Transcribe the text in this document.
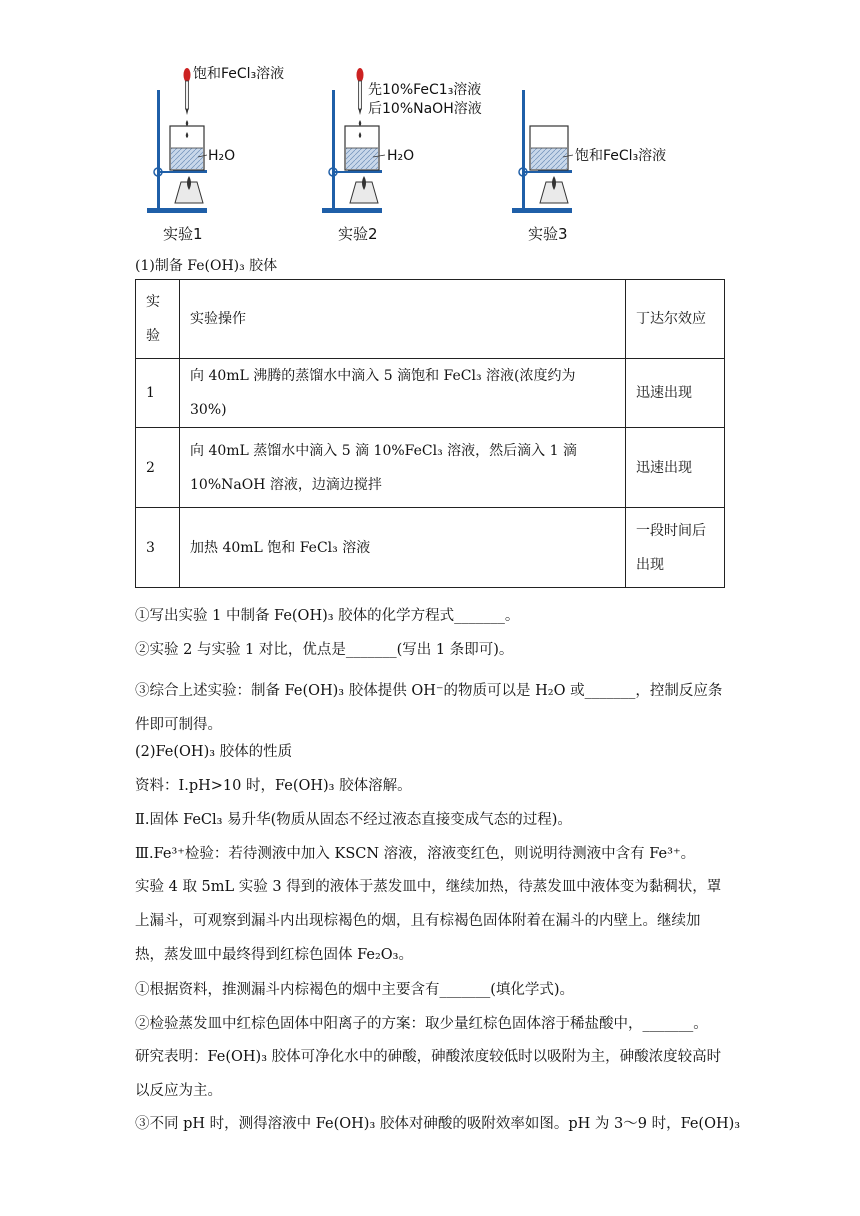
饱和FeCl₃溶液
H₂O
先10%FeC1₃溶液
后10%NaOH溶液
H₂O	饱和FeCl₃溶液
实验1	实验2	实验3
(1)制备 Fe(OH)₃ 胶体
实验	实验操作	丁达尔效应
1	向 40mL 沸腾的蒸馏水中滴入 5 滴饱和 FeCl₃ 溶液(浓度约为 30%)	迅速出现
2	向 40mL 蒸馏水中滴入 5 滴 10%FeCl₃ 溶液，然后滴入 1 滴 10%NaOH 溶液，边滴边搅拌	迅速出现
3	加热 40mL 饱和 FeCl₃ 溶液	一段时间后出现
①写出实验 1 中制备 Fe(OH)₃ 胶体的化学方程式_______。
②实验 2 与实验 1 对比，优点是_______(写出 1 条即可)。
③综合上述实验：制备 Fe(OH)₃ 胶体提供 OH⁻的物质可以是 H₂O 或_______，控制反应条件即可制得。
(2)Fe(OH)₃ 胶体的性质
资料：Ⅰ.pH>10 时，Fe(OH)₃ 胶体溶解。
Ⅱ.固体 FeCl₃ 易升华(物质从固态不经过液态直接变成气态的过程)。
Ⅲ.Fe³⁺检验：若待测液中加入 KSCN 溶液，溶液变红色，则说明待测液中含有 Fe³⁺。
实验 4 取 5mL 实验 3 得到的液体于蒸发皿中，继续加热，待蒸发皿中液体变为黏稠状，罩上漏斗，可观察到漏斗内出现棕褐色的烟，且有棕褐色固体附着在漏斗的内壁上。继续加热，蒸发皿中最终得到红棕色固体 Fe₂O₃。
①根据资料，推测漏斗内棕褐色的烟中主要含有_______(填化学式)。
②检验蒸发皿中红棕色固体中阳离子的方案：取少量红棕色固体溶于稀盐酸中，_______。
研究表明：Fe(OH)₃ 胶体可净化水中的砷酸，砷酸浓度较低时以吸附为主，砷酸浓度较高时以反应为主。
③不同 pH 时，测得溶液中 Fe(OH)₃ 胶体对砷酸的吸附效率如图。pH 为 3～9 时，Fe(OH)₃
